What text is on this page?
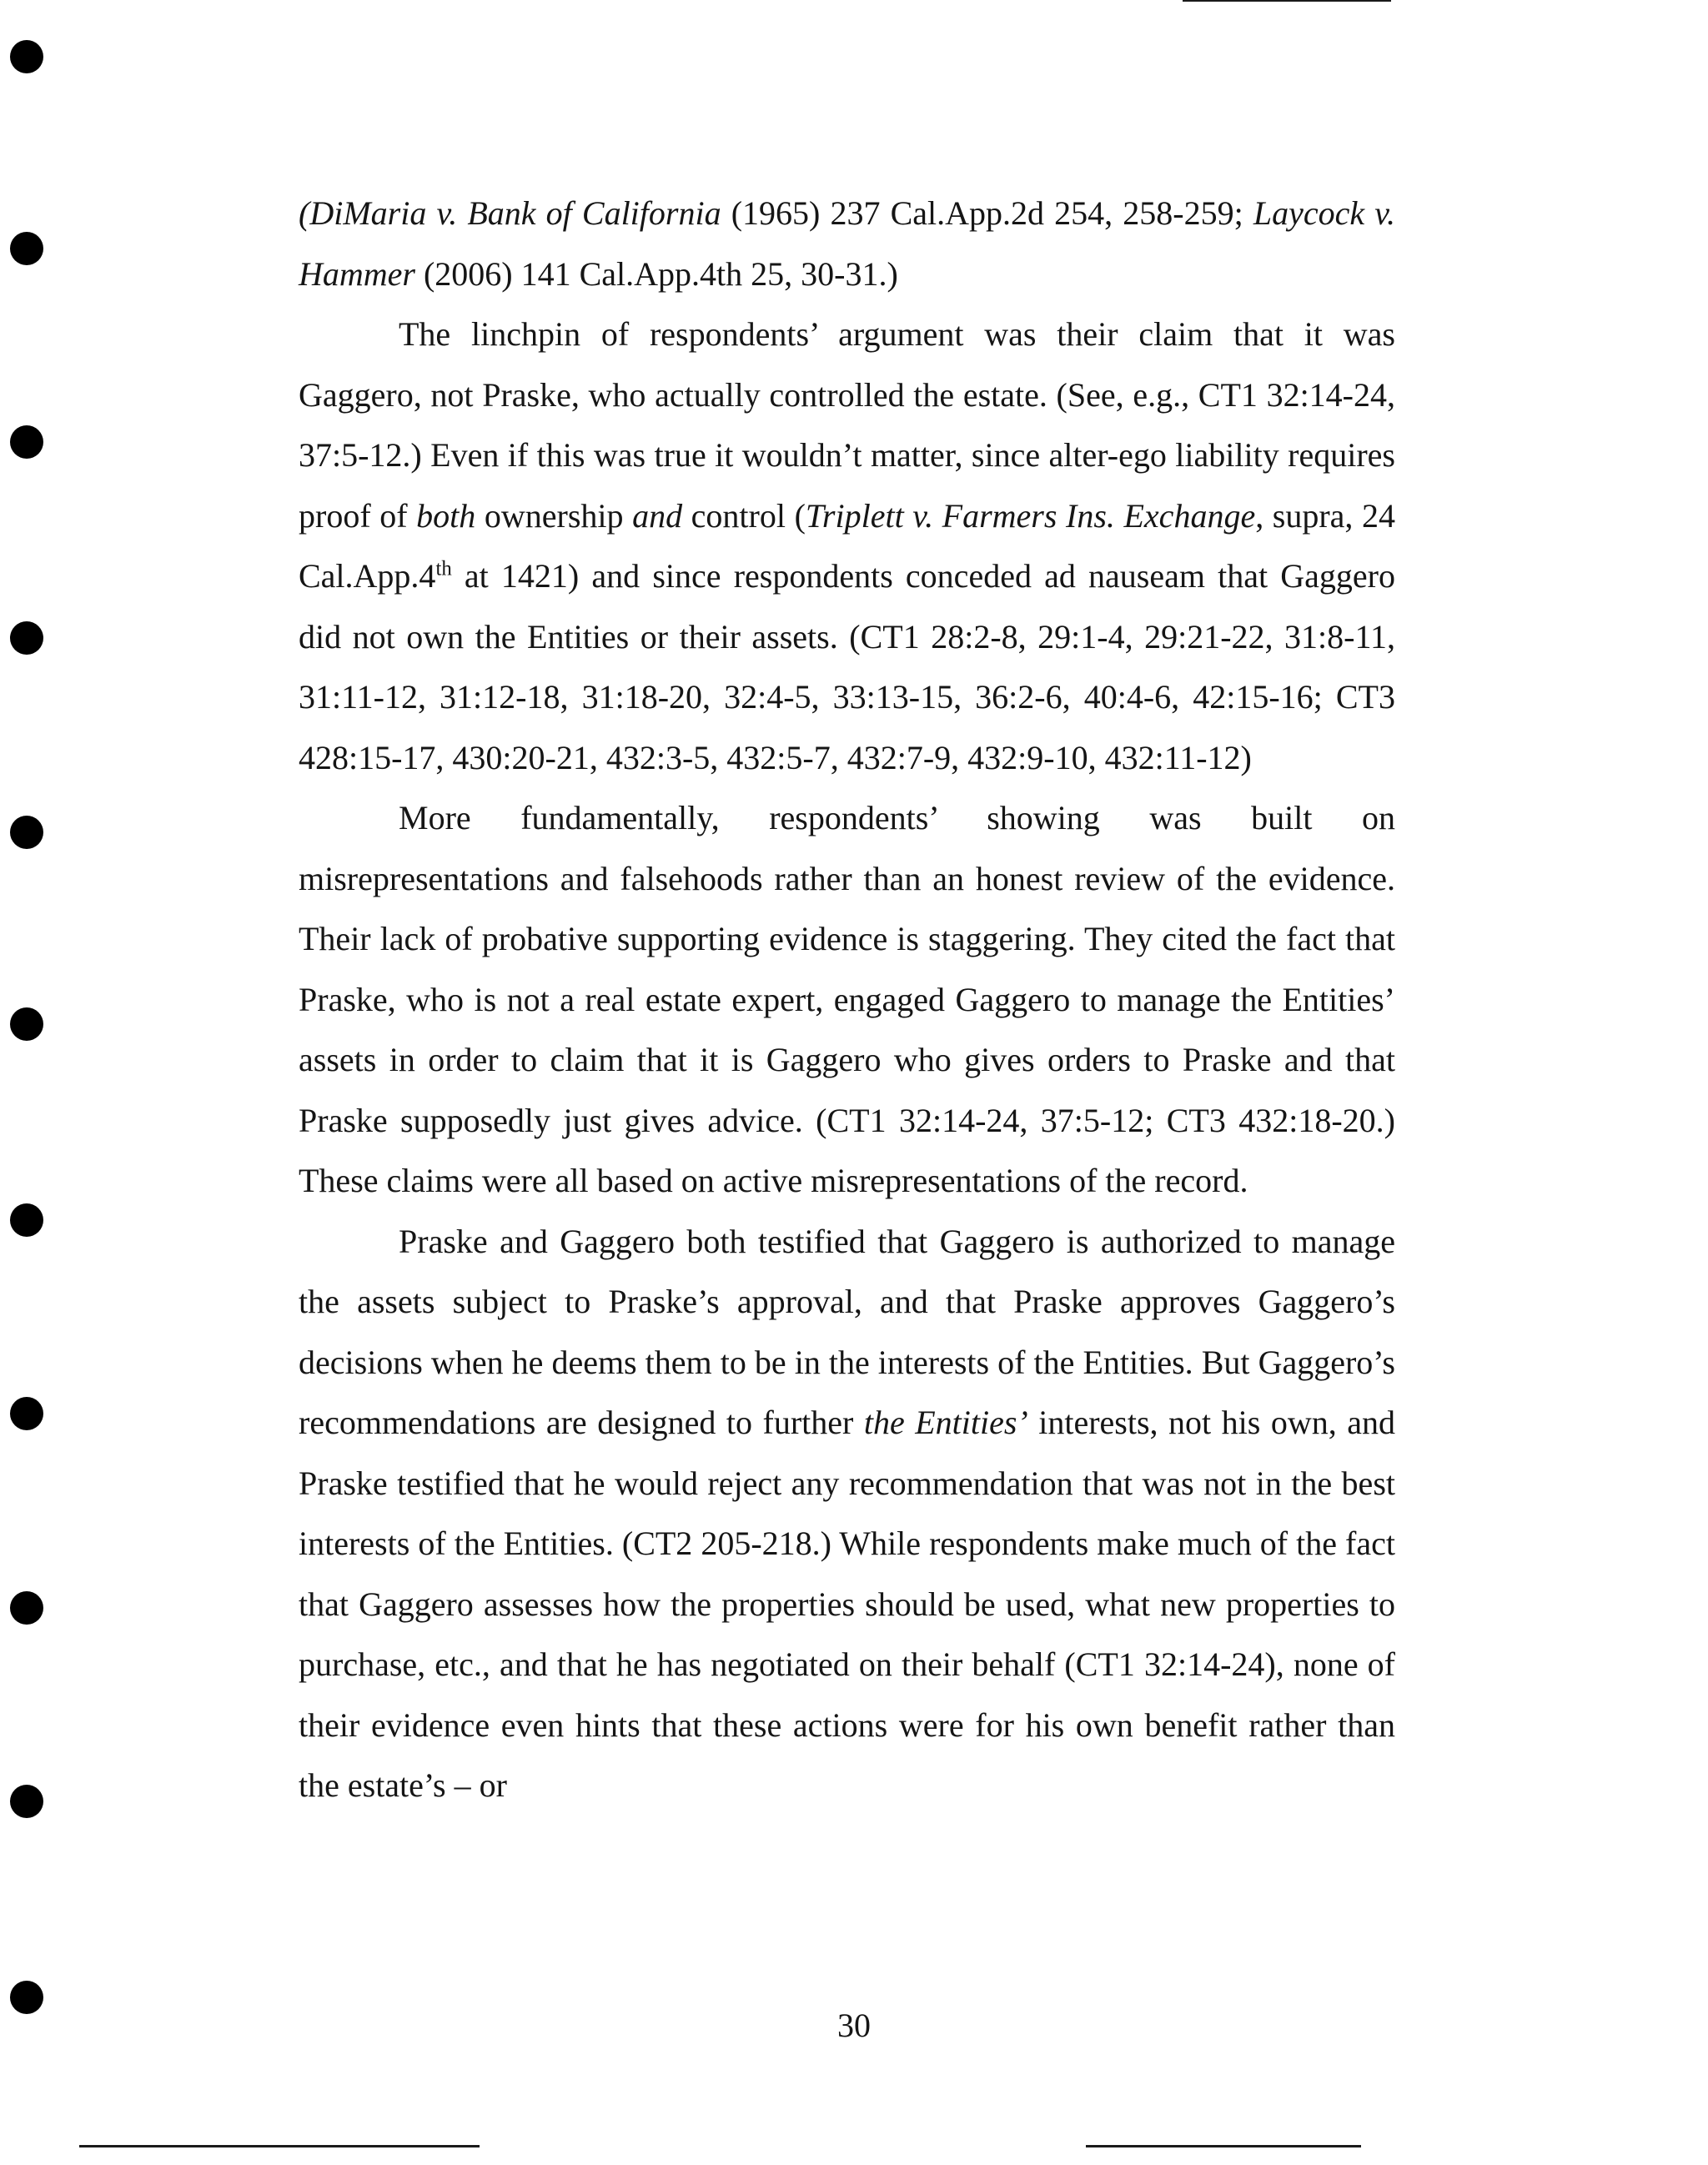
(DiMaria v. Bank of California (1965) 237 Cal.App.2d 254, 258-259; Laycock v. Hammer (2006) 141 Cal.App.4th 25, 30-31.)

The linchpin of respondents’ argument was their claim that it was Gaggero, not Praske, who actually controlled the estate. (See, e.g., CT1 32:14-24, 37:5-12.) Even if this was true it wouldn’t matter, since alter-ego liability requires proof of both ownership and control (Triplett v. Farmers Ins. Exchange, supra, 24 Cal.App.4th at 1421) and since respondents conceded ad nauseam that Gaggero did not own the Entities or their assets. (CT1 28:2-8, 29:1-4, 29:21-22, 31:8-11, 31:11-12, 31:12-18, 31:18-20, 32:4-5, 33:13-15, 36:2-6, 40:4-6, 42:15-16; CT3 428:15-17, 430:20-21, 432:3-5, 432:5-7, 432:7-9, 432:9-10, 432:11-12)

More fundamentally, respondents’ showing was built on misrepresentations and falsehoods rather than an honest review of the evidence. Their lack of probative supporting evidence is staggering. They cited the fact that Praske, who is not a real estate expert, engaged Gaggero to manage the Entities’ assets in order to claim that it is Gaggero who gives orders to Praske and that Praske supposedly just gives advice. (CT1 32:14-24, 37:5-12; CT3 432:18-20.) These claims were all based on active misrepresentations of the record.

Praske and Gaggero both testified that Gaggero is authorized to manage the assets subject to Praske’s approval, and that Praske approves Gaggero’s decisions when he deems them to be in the interests of the Entities. But Gaggero’s recommendations are designed to further the Entities’ interests, not his own, and Praske testified that he would reject any recommendation that was not in the best interests of the Entities. (CT2 205-218.) While respondents make much of the fact that Gaggero assesses how the properties should be used, what new properties to purchase, etc., and that he has negotiated on their behalf (CT1 32:14-24), none of their evidence even hints that these actions were for his own benefit rather than the estate’s – or

30
